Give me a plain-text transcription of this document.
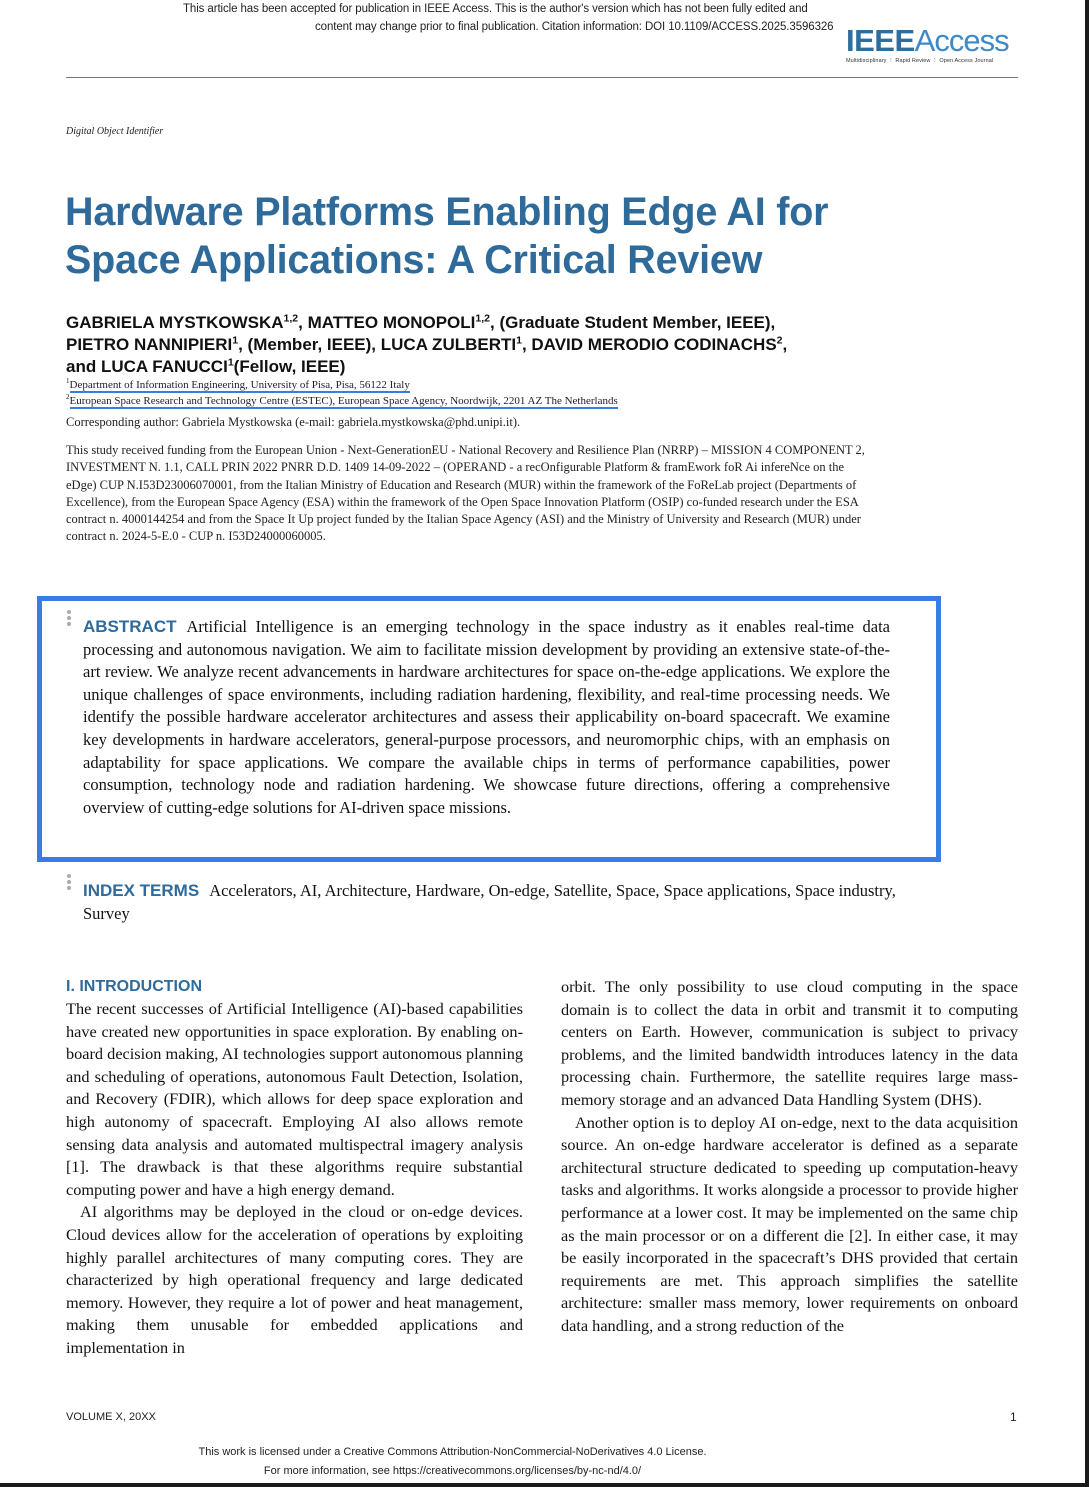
This article has been accepted for publication in IEEE Access. This is the author's version which has not been fully edited and
content may change prior to final publication. Citation information: DOI 10.1109/ACCESS.2025.3596326 IEEEAccess
Multidisciplinary ⋮ Rapid Review ⋮ Open Access Journal
Digital Object Identifier
Hardware Platforms Enabling Edge AI for
Space Applications: A Critical Review
GABRIELA MYSTKOWSKA$^{1,2}$, MATTEO MONOPOLI$^{1,2}$, (Graduate Student Member, IEEE),
PIETRO NANNIPIERI$^1$, (Member, IEEE), LUCA ZULBERTI$^1$, DAVID MERODIO CODINACHS$^2$,
and LUCA FANUCCI$^1$(Fellow, IEEE)
$^1$Department of Information Engineering, University of Pisa, Pisa, 56122 Italy
$^2$European Space Research and Technology Centre (ESTEC), European Space Agency, Noordwijk, 2201 AZ The Netherlands
Corresponding author: Gabriela Mystkowska (e-mail: gabriela.mystkowska@phd.unipi.it).
This study received funding from the European Union - Next-GenerationEU - National Recovery and Resilience Plan (NRRP) – MISSION 4 COMPONENT 2, INVESTMENT N. 1.1, CALL PRIN 2022 PNRR D.D. 1409 14-09-2022 – (OPERAND - a recOnfigurable Platform & framEwork foR Ai infereNce on the eDge) CUP N.I53D23006070001, from the Italian Ministry of Education and Research (MUR) within the framework of the FoReLab project (Departments of Excellence), from the European Space Agency (ESA) within the framework of the Open Space Innovation Platform (OSIP) co-funded research under the ESA contract n. 4000144254 and from the Space It Up project funded by the Italian Space Agency (ASI) and the Ministry of University and Research (MUR) under contract n. 2024-5-E.0 - CUP n. I53D24000060005.
ABSTRACT Artificial Intelligence is an emerging technology in the space industry as it enables real-time data processing and autonomous navigation. We aim to facilitate mission development by providing an extensive state-of-the-art review. We analyze recent advancements in hardware architectures for space on-the-edge applications. We explore the unique challenges of space environments, including radiation hardening, flexibility, and real-time processing needs. We identify the possible hardware accelerator architectures and assess their applicability on-board spacecraft. We examine key developments in hardware accelerators, general-purpose processors, and neuromorphic chips, with an emphasis on adaptability for space applications. We compare the available chips in terms of performance capabilities, power consumption, technology node and radiation hardening. We showcase future directions, offering a comprehensive overview of cutting-edge solutions for AI-driven space missions.
INDEX TERMS Accelerators, AI, Architecture, Hardware, On-edge, Satellite, Space, Space applications, Space industry, Survey
I. INTRODUCTION

The recent successes of Artificial Intelligence (AI)-based capabilities have created new opportunities in space exploration. By enabling on-board decision making, AI technologies support autonomous planning and scheduling of operations, autonomous Fault Detection, Isolation, and Recovery (FDIR), which allows for deep space exploration and high autonomy of spacecraft. Employing AI also allows remote sensing data analysis and automated multispectral imagery analysis [1]. The drawback is that these algorithms require substantial computing power and have a high energy demand.

AI algorithms may be deployed in the cloud or on-edge devices. Cloud devices allow for the acceleration of operations by exploiting highly parallel architectures of many computing cores. They are characterized by high operational frequency and large dedicated memory. However, they require a lot of power and heat management, making them unusable for embedded applications and implementation in

orbit. The only possibility to use cloud computing in the space domain is to collect the data in orbit and transmit it to computing centers on Earth. However, communication is subject to privacy problems, and the limited bandwidth introduces latency in the data processing chain. Furthermore, the satellite requires large mass-memory storage and an advanced Data Handling System (DHS).

Another option is to deploy AI on-edge, next to the data acquisition source. An on-edge hardware accelerator is defined as a separate architectural structure dedicated to speeding up computation-heavy tasks and algorithms. It works alongside a processor to provide higher performance at a lower cost. It may be implemented on the same chip as the main processor or on a different die [2]. In either case, it may be easily incorporated in the spacecraft’s DHS provided that certain requirements are met. This approach simplifies the satellite architecture: smaller mass memory, lower requirements on onboard data handling, and a strong reduction of the

VOLUME X, 20XX	1
This work is licensed under a Creative Commons Attribution-NonCommercial-NoDerivatives 4.0 License.
For more information, see https://creativecommons.org/licenses/by-nc-nd/4.0/
